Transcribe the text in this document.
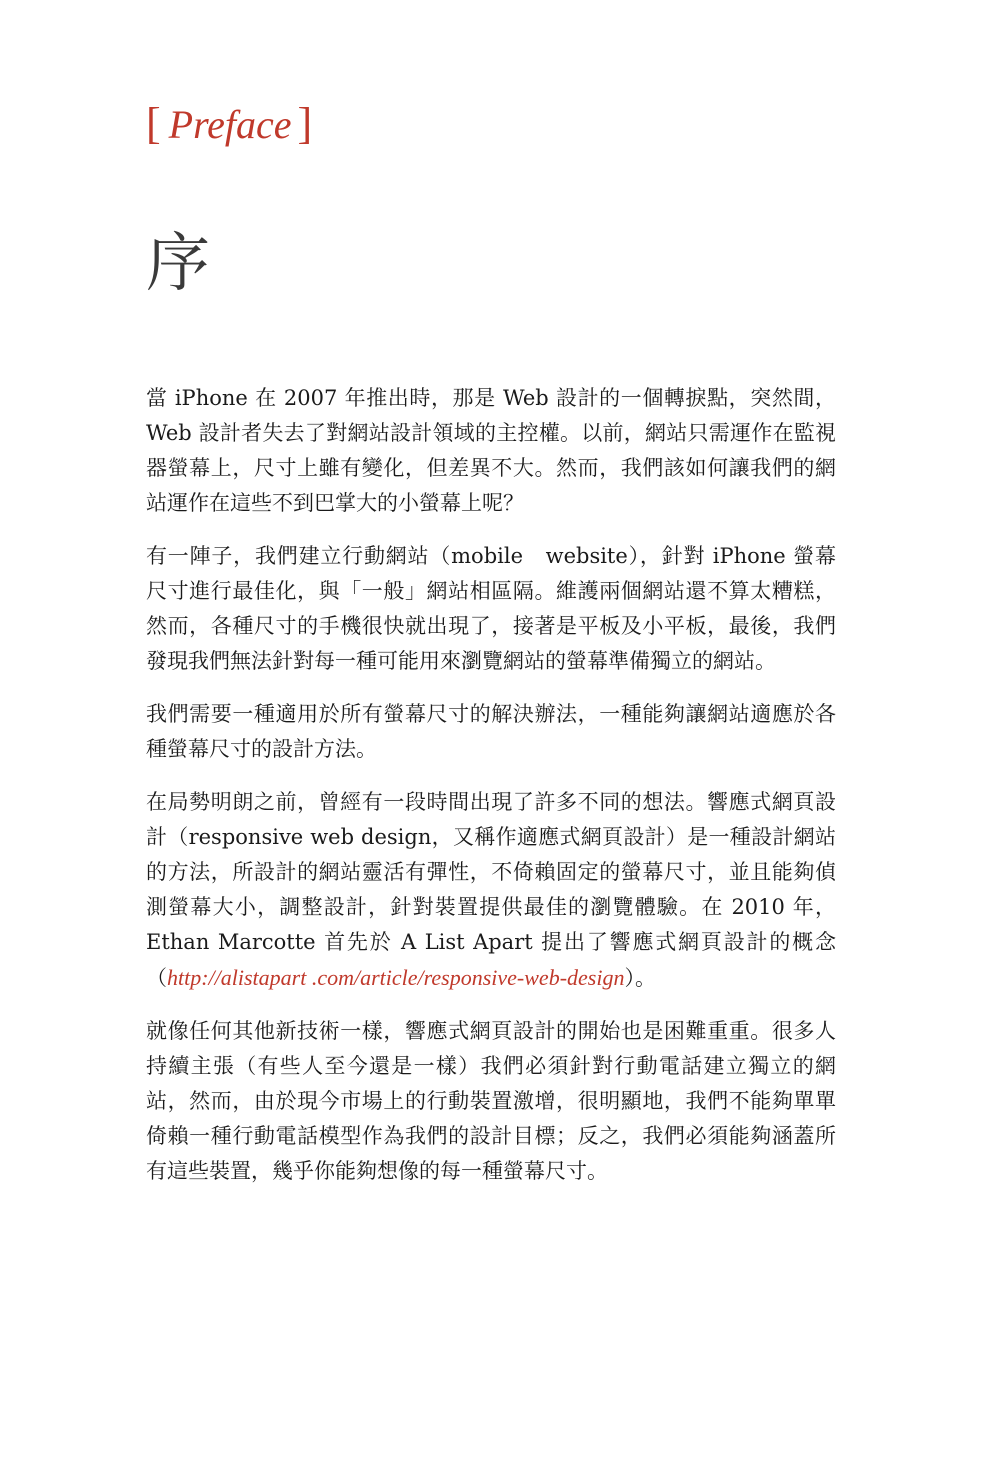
[ Preface ]
序

當 iPhone 在 2007 年推出時，那是 Web 設計的一個轉捩點，突然間，Web 設計者失去了對網站設計領域的主控權。以前，網站只需運作在監視器螢幕上，尺寸上雖有變化，但差異不大。然而，我們該如何讓我們的網站運作在這些不到巴掌大的小螢幕上呢？

有一陣子，我們建立行動網站（mobile　website），針對 iPhone 螢幕尺寸進行最佳化，與「一般」網站相區隔。維護兩個網站還不算太糟糕，然而，各種尺寸的手機很快就出現了，接著是平板及小平板，最後，我們發現我們無法針對每一種可能用來瀏覽網站的螢幕準備獨立的網站。

我們需要一種適用於所有螢幕尺寸的解決辦法，一種能夠讓網站適應於各種螢幕尺寸的設計方法。

在局勢明朗之前，曾經有一段時間出現了許多不同的想法。響應式網頁設計（responsive web design，又稱作適應式網頁設計）是一種設計網站的方法，所設計的網站靈活有彈性，不倚賴固定的螢幕尺寸，並且能夠偵測螢幕大小，調整設計，針對裝置提供最佳的瀏覽體驗。在 2010 年，Ethan Marcotte 首先於 A List Apart 提出了響應式網頁設計的概念（http://alistapart .com/article/responsive-web-design）。

就像任何其他新技術一樣，響應式網頁設計的開始也是困難重重。很多人持續主張（有些人至今還是一樣）我們必須針對行動電話建立獨立的網站，然而，由於現今市場上的行動裝置激增，很明顯地，我們不能夠單單倚賴一種行動電話模型作為我們的設計目標；反之，我們必須能夠涵蓋所有這些裝置，幾乎你能夠想像的每一種螢幕尺寸。
